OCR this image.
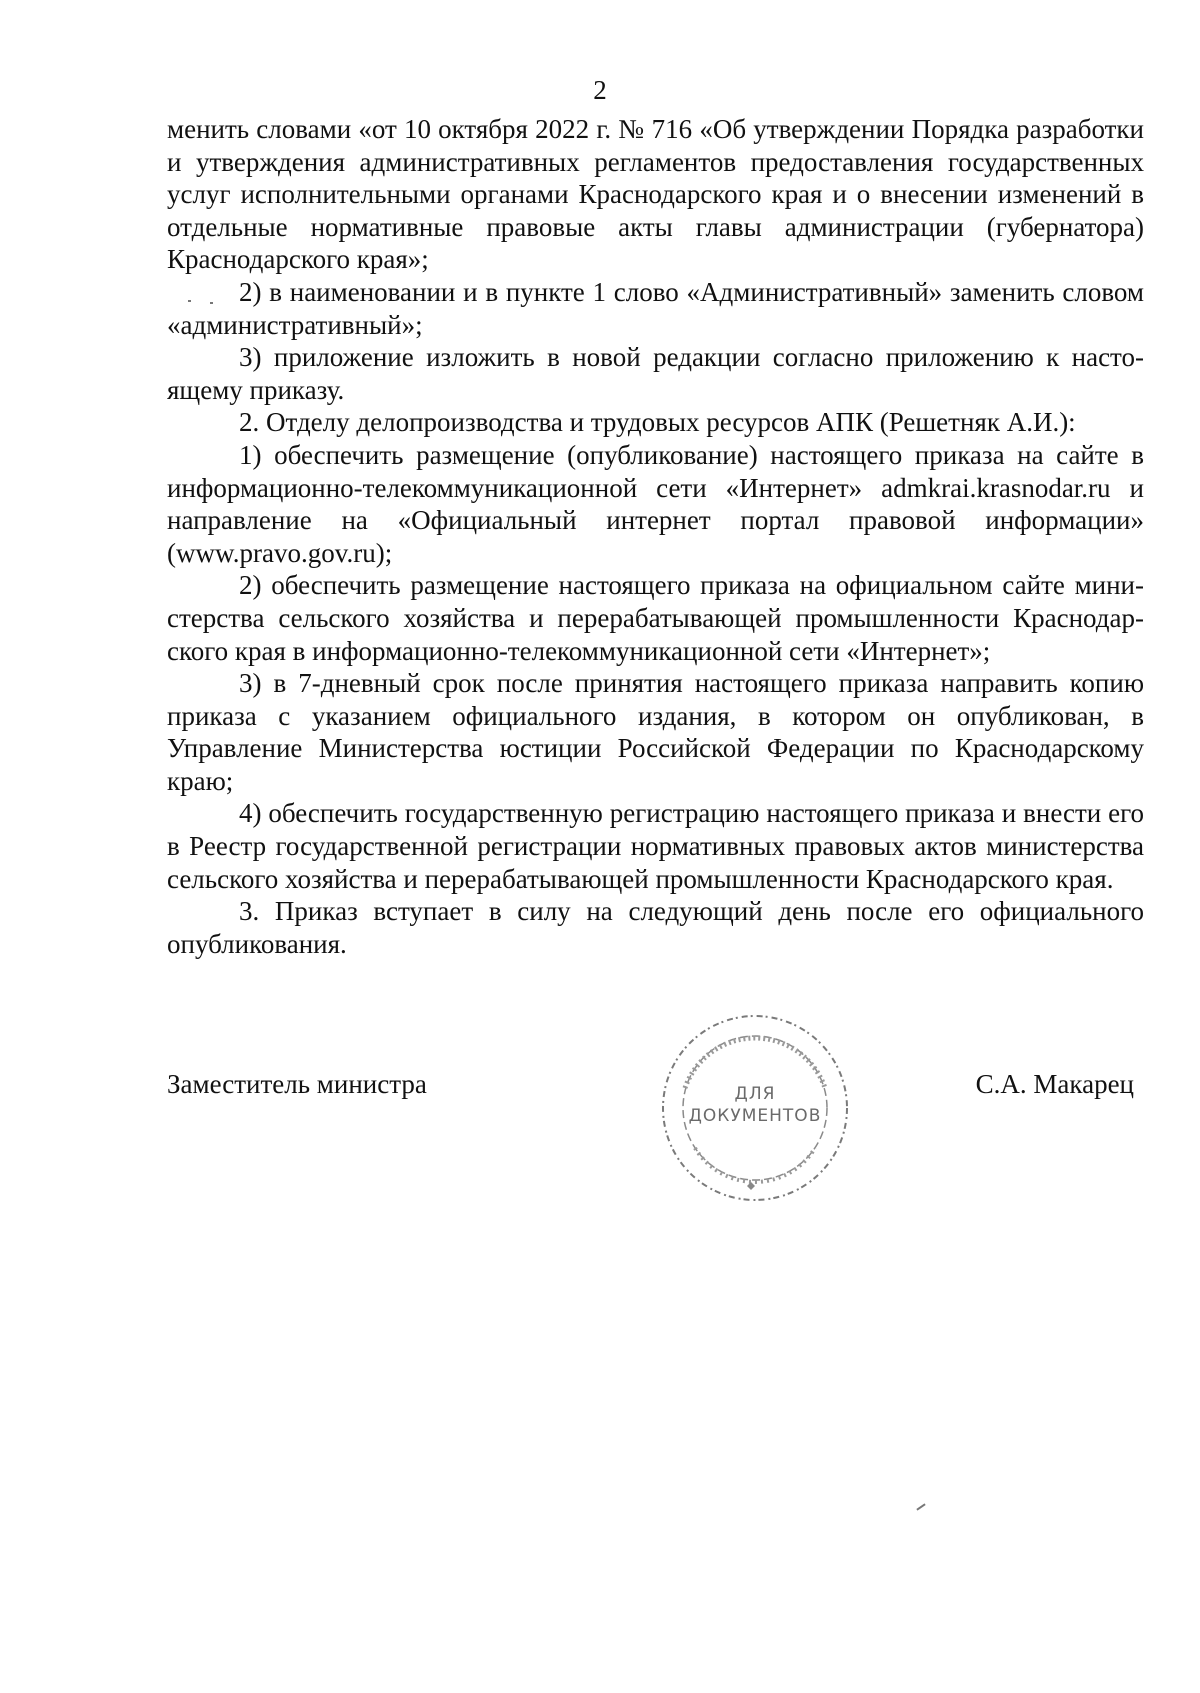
2

менить словами «от 10 октября 2022 г. № 716 «Об утверждении Порядка разработки и утверждения административных регламентов предоставления государственных услуг исполнительными органами Краснодарского края и о внесении изменений в отдельные нормативные правовые акты главы администрации (губернатора) Краснодарского края»;

2) в наименовании и в пункте 1 слово «Административный» заменить словом «административный»;

3) приложение изложить в новой редакции согласно приложению к настоящему приказу.

2. Отделу делопроизводства и трудовых ресурсов АПК (Решетняк А.И.):

1) обеспечить размещение (опубликование) настоящего приказа на сайте в информационно-телекоммуникационной сети «Интернет» admkrai.krasnodar.ru и направление на «Официальный интернет портал правовой информации» (www.pravo.gov.ru);

2) обеспечить размещение настоящего приказа на официальном сайте министерства сельского хозяйства и перерабатывающей промышленности Краснодарского края в информационно-телекоммуникационной сети «Интернет»;

3) в 7-дневный срок после принятия настоящего приказа направить копию приказа с указанием официального издания, в котором он опубликован, в Управление Министерства юстиции Российской Федерации по Краснодарскому краю;

4) обеспечить государственную регистрацию настоящего приказа и внести его в Реестр государственной регистрации нормативных правовых актов министерства сельского хозяйства и перерабатывающей промышленности Краснодарского края.

3. Приказ вступает в силу на следующий день после его официального опубликования.

Заместитель министра	С.А. Макарец
ДЛЯ
ДОКУМЕНТОВ
